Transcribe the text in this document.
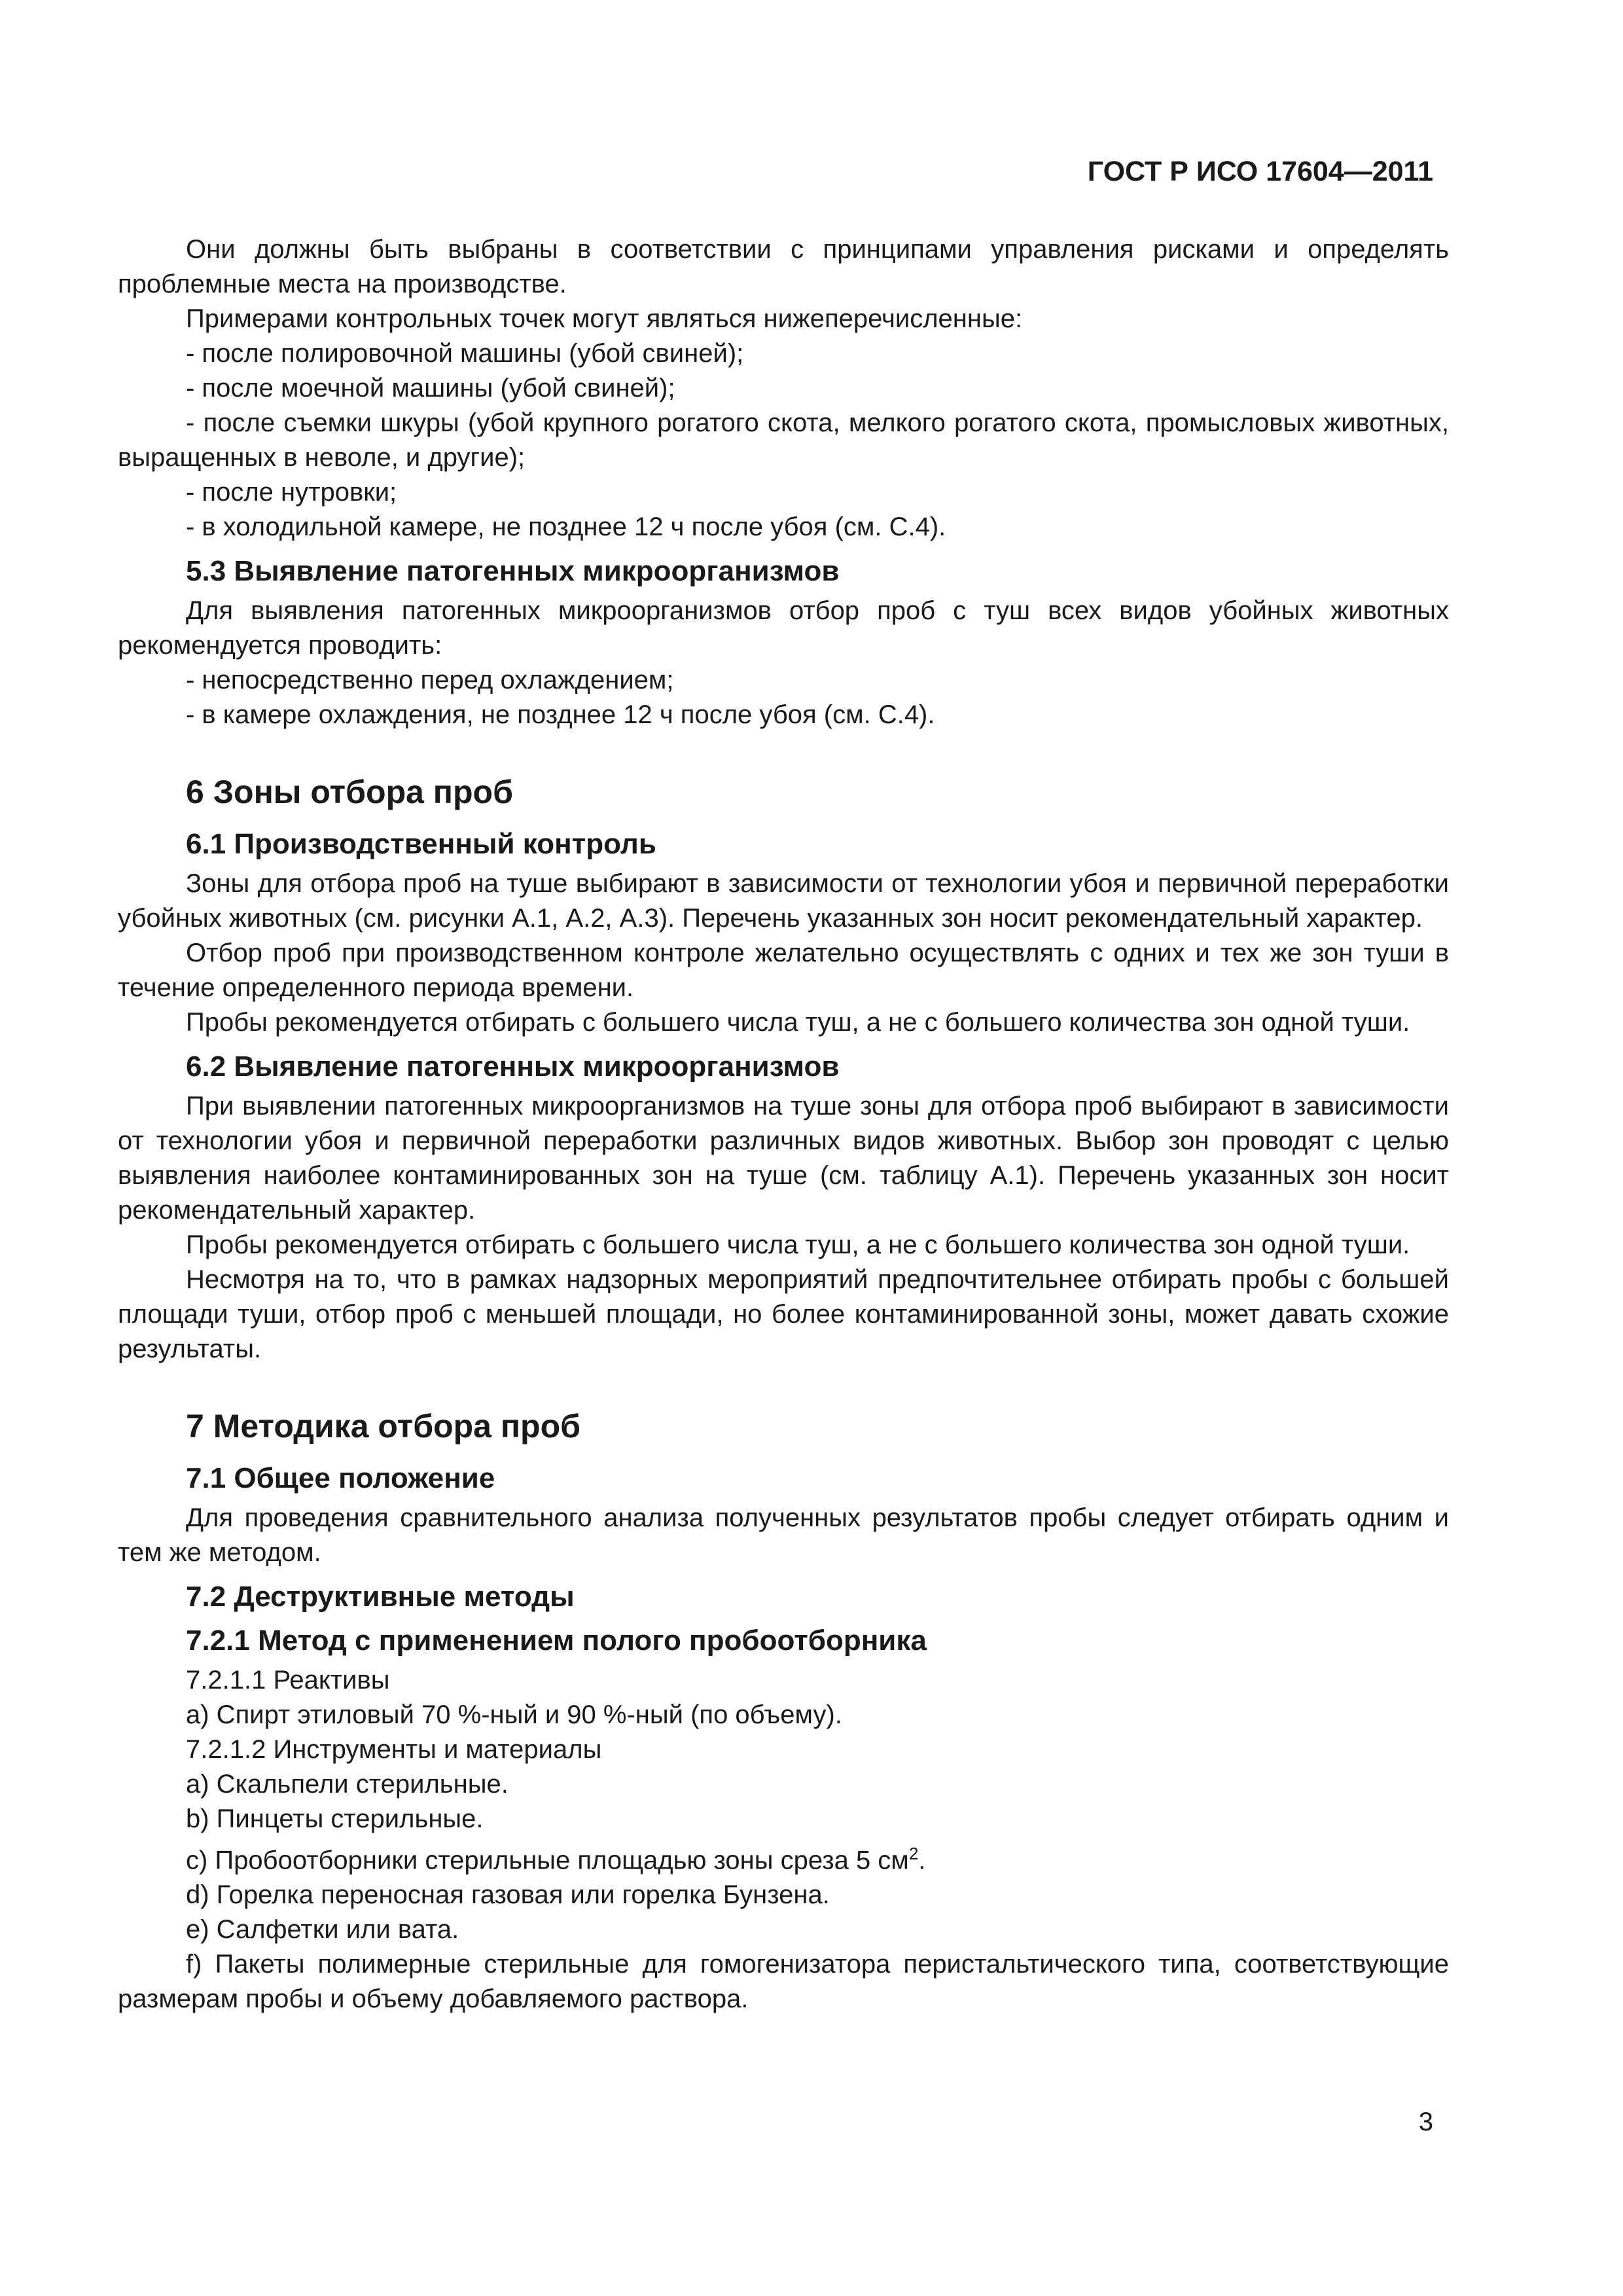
ГОСТ Р ИСО 17604—2011
Они должны быть выбраны в соответствии с принципами управления рисками и определять проблемные места на производстве.
Примерами контрольных точек могут являться нижеперечисленные:
- после полировочной машины (убой свиней);
- после моечной машины (убой свиней);
- после съемки шкуры (убой крупного рогатого скота, мелкого рогатого скота, промысловых животных, выращенных в неволе, и другие);
- после нутровки;
- в холодильной камере, не позднее 12 ч после убоя (см. С.4).
5.3 Выявление патогенных микроорганизмов
Для выявления патогенных микроорганизмов отбор проб с туш всех видов убойных животных рекомендуется проводить:
- непосредственно перед охлаждением;
- в камере охлаждения, не позднее 12 ч после убоя (см. С.4).
6 Зоны отбора проб
6.1 Производственный контроль
Зоны для отбора проб на туше выбирают в зависимости от технологии убоя и первичной переработки убойных животных (см. рисунки А.1, А.2, А.3). Перечень указанных зон носит рекомендательный характер.
Отбор проб при производственном контроле желательно осуществлять с одних и тех же зон туши в течение определенного периода времени.
Пробы рекомендуется отбирать с большего числа туш, а не с большего количества зон одной туши.
6.2 Выявление патогенных микроорганизмов
При выявлении патогенных микроорганизмов на туше зоны для отбора проб выбирают в зависимости от технологии убоя и первичной переработки различных видов животных. Выбор зон проводят с целью выявления наиболее контаминированных зон на туше (см. таблицу А.1). Перечень указанных зон носит рекомендательный характер.
Пробы рекомендуется отбирать с большего числа туш, а не с большего количества зон одной туши.
Несмотря на то, что в рамках надзорных мероприятий предпочтительнее отбирать пробы с большей площади туши, отбор проб с меньшей площади, но более контаминированной зоны, может давать схожие результаты.
7 Методика отбора проб
7.1 Общее положение
Для проведения сравнительного анализа полученных результатов пробы следует отбирать одним и тем же методом.
7.2 Деструктивные методы
7.2.1 Метод с применением полого пробоотборника
7.2.1.1 Реактивы
а) Спирт этиловый 70 %-ный и 90 %-ный (по объему).
7.2.1.2 Инструменты и материалы
а) Скальпели стерильные.
b) Пинцеты стерильные.
c) Пробоотборники стерильные площадью зоны среза 5 $см^2$.
d) Горелка переносная газовая или горелка Бунзена.
e) Салфетки или вата.
f) Пакеты полимерные стерильные для гомогенизатора перистальтического типа, соответствующие размерам пробы и объему добавляемого раствора.
3
